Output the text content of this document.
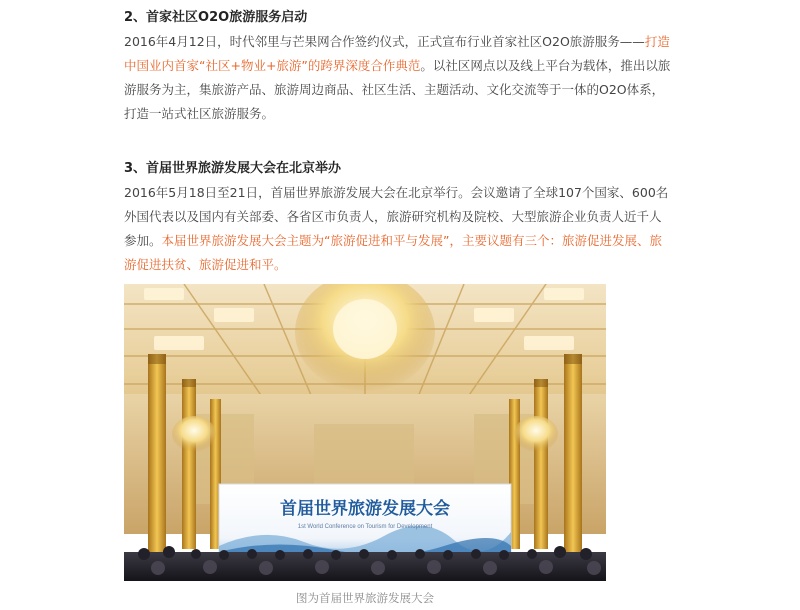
2、首家社区O2O旅游服务启动

2016年4月12日，时代邻里与芒果网合作签约仪式，正式宣布行业首家社区O2O旅游服务——打造中国业内首家“社区+物业+旅游”的跨界深度合作典范。以社区网点以及线上平台为载体，推出以旅游服务为主，集旅游产品、旅游周边商品、社区生活、主题活动、文化交流等于一体的O2O体系，打造一站式社区旅游服务。

3、首届世界旅游发展大会在北京举办

2016年5月18日至21日，首届世界旅游发展大会在北京举行。会议邀请了全球107个国家、600名外国代表以及国内有关部委、各省区市负责人，旅游研究机构及院校、大型旅游企业负责人近千人参加。本届世界旅游发展大会主题为“旅游促进和平与发展”，主要议题有三个：旅游促进发展、旅游促进扶贫、旅游促进和平。

首届世界旅游发展大会
1st World Conference on Tourism for Development
图为首届世界旅游发展大会
